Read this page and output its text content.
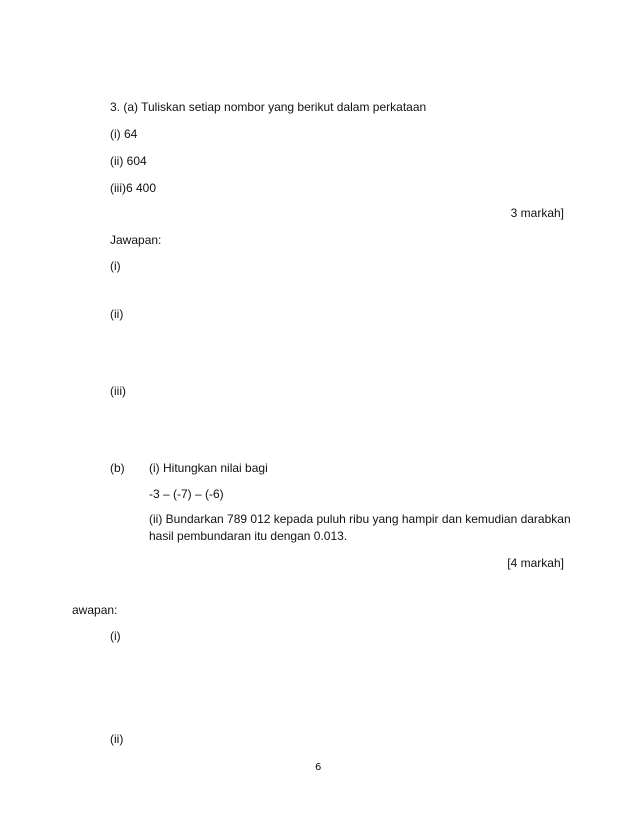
3. (a) Tuliskan setiap nombor yang berikut dalam perkataan
(i) 64
(ii) 604
(iii)6 400
3 markah]
Jawapan:
(i)
(ii)
(iii)
(b) (i) Hitungkan nilai bagi
-3 – (-7) – (-6)
(ii) Bundarkan 789 012 kepada puluh ribu yang hampir dan kemudian darabkan
hasil pembundaran itu dengan 0.013.
[4 markah]
awapan:
(i)
(ii)
6
